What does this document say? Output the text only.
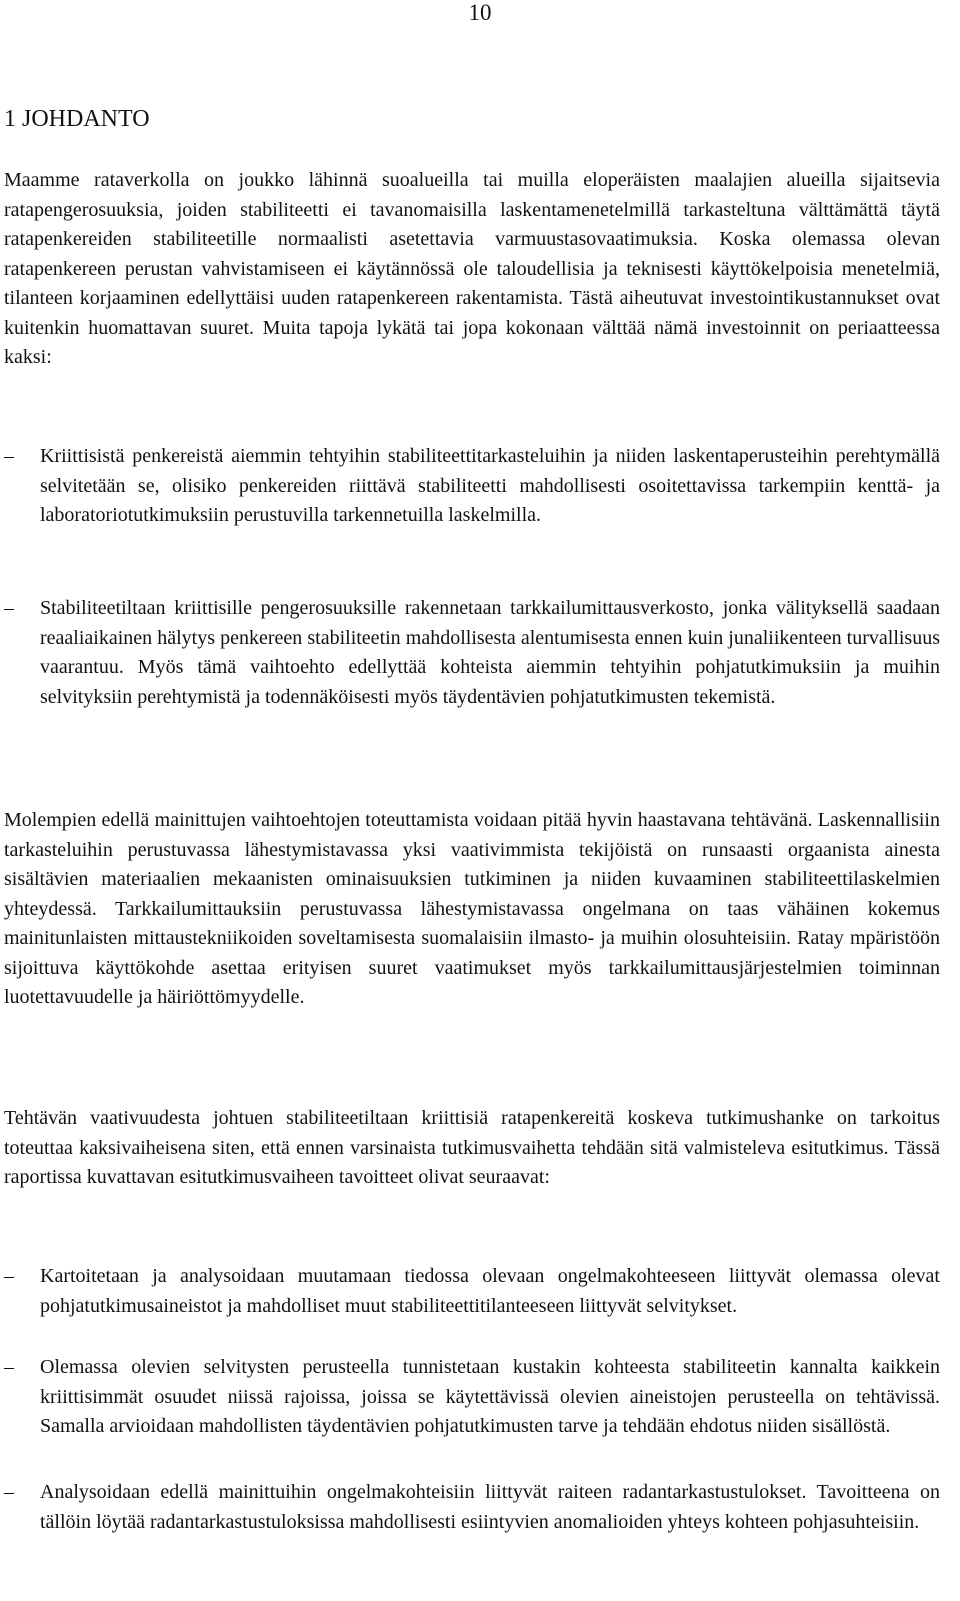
10
1 JOHDANTO

Maamme rataverkolla on joukko lähinnä suoalueilla tai muilla eloperäisten maalajien alueilla sijaitsevia ratapengerosuuksia, joiden stabiliteetti ei tavanomaisilla laskentamenetelmillä tarkasteltuna välttämättä täytä ratapenkereiden stabiliteetille normaalisti asetettavia varmuustasovaatimuksia. Koska olemassa olevan ratapenkereen perustan vahvistamiseen ei käytännössä ole taloudellisia ja teknisesti käyttökelpoisia menetelmiä, tilanteen korjaaminen edellyttäisi uuden ratapenkereen rakentamista. Tästä aiheutuvat investointikustannukset ovat kuitenkin huomattavan suuret. Muita tapoja lykätä tai jopa kokonaan välttää nämä investoinnit on periaatteessa kaksi:

–	Kriittisistä penkereistä aiemmin tehtyihin stabiliteettitarkasteluihin ja niiden laskentaperusteihin perehtymällä selvitetään se, olisiko penkereiden riittävä stabiliteetti mahdollisesti osoitettavissa tarkempiin kenttä- ja laboratoriotutkimuksiin perustuvilla tarkennetuilla laskelmilla.

–	Stabiliteetiltaan kriittisille pengerosuuksille rakennetaan tarkkailumittausverkosto, jonka välityksellä saadaan reaaliaikainen hälytys penkereen stabiliteetin mahdollisesta alentumisesta ennen kuin junaliikenteen turvallisuus vaarantuu. Myös tämä vaihtoehto edellyttää kohteista aiemmin tehtyihin pohjatutkimuksiin ja muihin selvityksiin perehtymistä ja todennäköisesti myös täydentävien pohjatutkimusten tekemistä.

Molempien edellä mainittujen vaihtoehtojen toteuttamista voidaan pitää hyvin haastavana tehtävänä. Laskennallisiin tarkasteluihin perustuvassa lähestymistavassa yksi vaativimmista tekijöistä on runsaasti orgaanista ainesta sisältävien materiaalien mekaanisten ominaisuuksien tutkiminen ja niiden kuvaaminen stabiliteettilaskelmien yhteydessä. Tarkkailumittauksiin perustuvassa lähestymistavassa ongelmana on taas vähäinen kokemus mainitunlaisten mittaustekniikoiden soveltamisesta suomalaisiin ilmasto- ja muihin olosuhteisiin. Ratay mpäristöön sijoittuva käyttökohde asettaa erityisen suuret vaatimukset myös tarkkailumittausjärjestelmien toiminnan luotettavuudelle ja häiriöttömyydelle.

Tehtävän vaativuudesta johtuen stabiliteetiltaan kriittisiä ratapenkereitä koskeva tutkimushanke on tarkoitus toteuttaa kaksivaiheisena siten, että ennen varsinaista tutkimusvaihetta tehdään sitä valmisteleva esitutkimus. Tässä raportissa kuvattavan esitutkimusvaiheen tavoitteet olivat seuraavat:

–	Kartoitetaan ja analysoidaan muutamaan tiedossa olevaan ongelmakohteeseen liittyvät olemassa olevat pohjatutkimusaineistot ja mahdolliset muut stabiliteettitilanteeseen liittyvät selvitykset.

–	Olemassa olevien selvitysten perusteella tunnistetaan kustakin kohteesta stabiliteetin kannalta kaikkein kriittisimmät osuudet niissä rajoissa, joissa se käytettävissä olevien aineistojen perusteella on tehtävissä. Samalla arvioidaan mahdollisten täydentävien pohjatutkimusten tarve ja tehdään ehdotus niiden sisällöstä.

–	Analysoidaan edellä mainittuihin ongelmakohteisiin liittyvät raiteen radantarkastustulokset. Tavoitteena on tällöin löytää radantarkastustuloksissa mahdollisesti esiintyvien anomalioiden yhteys kohteen pohjasuhteisiin.
